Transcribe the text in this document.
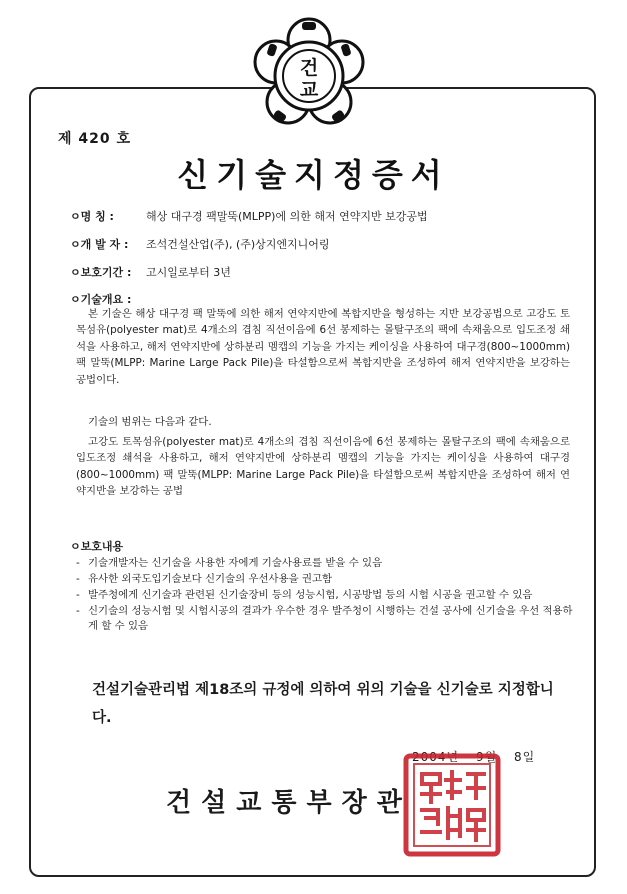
건
교
제 420 호
신기술지정증서
ㅇ명 칭 :	해상 대구경 팩말뚝(MLPP)에 의한 해저 연약지반 보강공법
ㅇ개 발 자 :	조석건설산업(주), (주)상지엔지니어링
ㅇ보호기간 :	고시일로부터 3년
ㅇ기술개요 :

본 기술은 해상 대구경 팩 말뚝에 의한 해저 연약지반에 복합지반을 형성하는 지반 보강공법으로 고강도 토목섬유(polyester mat)로 4개소의 겹침 직선이음에 6선 봉제하는 몰탈구조의 팩에 속채움으로 입도조정 쇄석을 사용하고, 해저 연약지반에 상하분리 멤캡의 기능을 가지는 케이싱을 사용하여 대구경(800~1000mm) 팩 말뚝(MLPP: Marine Large Pack Pile)을 타설함으로써 복합지반을 조성하여 해저 연약지반을 보강하는 공법이다.

기술의 범위는 다음과 같다.

고강도 토목섬유(polyester mat)로 4개소의 겹침 직선이음에 6선 봉제하는 몰탈구조의 팩에 속채움으로 입도조정 쇄석을 사용하고, 해저 연약지반에 상하분리 멤캡의 기능을 가지는 케이싱을 사용하여 대구경(800~1000mm) 팩 말뚝(MLPP: Marine Large Pack Pile)을 타설함으로써 복합지반을 조성하여 해저 연약지반을 보강하는 공법

ㅇ보호내용
- 기술개발자는 신기술을 사용한 자에게 기술사용료를 받을 수 있음
- 유사한 외국도입기술보다 신기술의 우선사용을 권고함
- 발주청에게 신기술과 관련된 신기술장비 등의 성능시험, 시공방법 등의 시험 시공을 권고할 수 있음
- 신기술의 성능시험 및 시험시공의 결과가 우수한 경우 발주청이 시행하는 건설 공사에 신기술을 우선 적용하게 할 수 있음

건설기술관리법 제18조의 규정에 의하여 위의 기술을 신기술로 지정합니다.

2004년 9월 8일
건설교통부장관
